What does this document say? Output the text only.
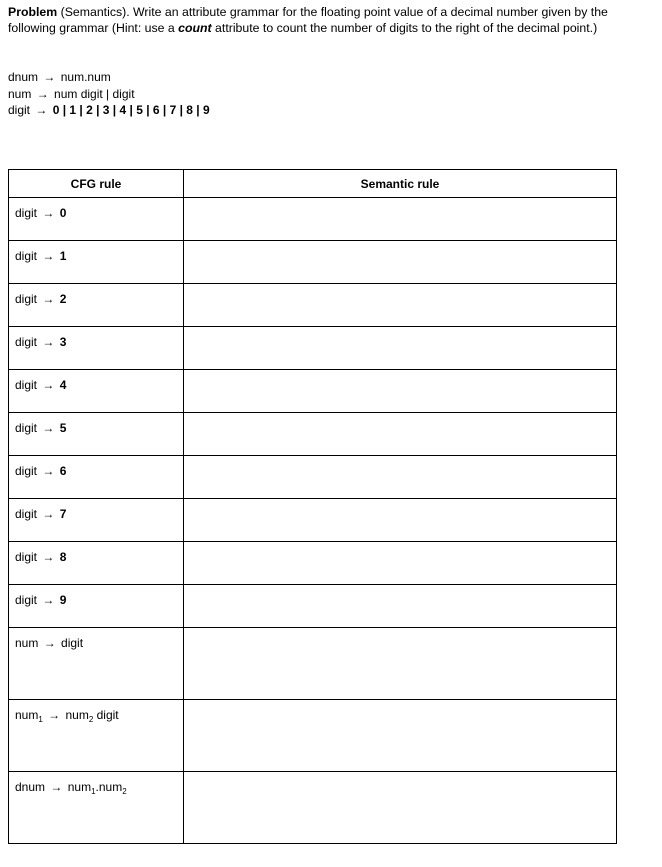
Problem (Semantics). Write an attribute grammar for the floating point value of a decimal number given by the following grammar (Hint: use a count attribute to count the number of digits to the right of the decimal point.)
dnum → num.num
num → num digit | digit
digit → 0 | 1 | 2 | 3 | 4 | 5 | 6 | 7 | 8 | 9
CFG rule	Semantic rule

digit → 0	

digit → 1	

digit → 2	

digit → 3	

digit → 4	

digit → 5	

digit → 6	

digit → 7	

digit → 8	

digit → 9	

num → digit	

num$_1$ → num$_2$ digit	

dnum → num$_1$.num$_2$
